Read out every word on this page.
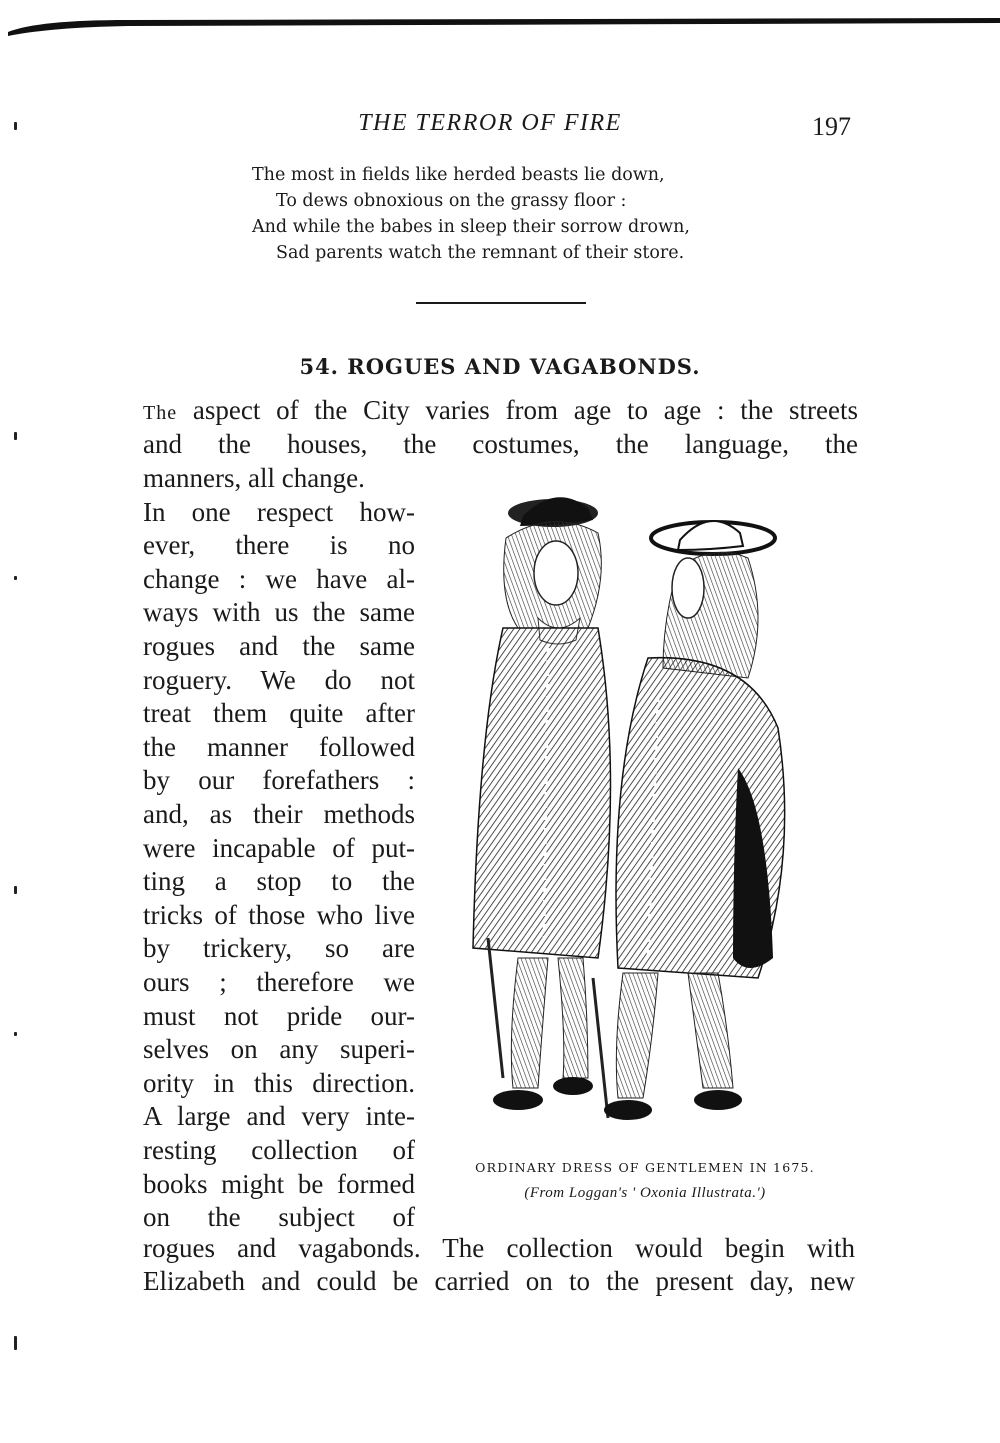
THE TERROR OF FIRE	197
The most in fields like herded beasts lie down,
To dews obnoxious on the grassy floor :
And while the babes in sleep their sorrow drown,
Sad parents watch the remnant of their store.
54. ROGUES AND VAGABONDS.
The aspect of the City varies from age to age : the streets
and the houses, the costumes, the language, the
manners, all change.
In one respect how-
ever, there is no
change : we have al-
ways with us the same
rogues and the same
roguery. We do not
treat them quite after
the manner followed
by our forefathers :
and, as their methods
were incapable of put-
ting a stop to the
tricks of those who live
by trickery, so are
ours ; therefore we
must not pride our-
selves on any superi-
ority in this direction.
A large and very inte-
resting collection of
books might be formed
on the subject of
rogues and vagabonds. The collection would begin with
Elizabeth and could be carried on to the present day, new
ORDINARY DRESS OF GENTLEMEN IN 1675.
(From Loggan's ' Oxonia Illustrata.')
